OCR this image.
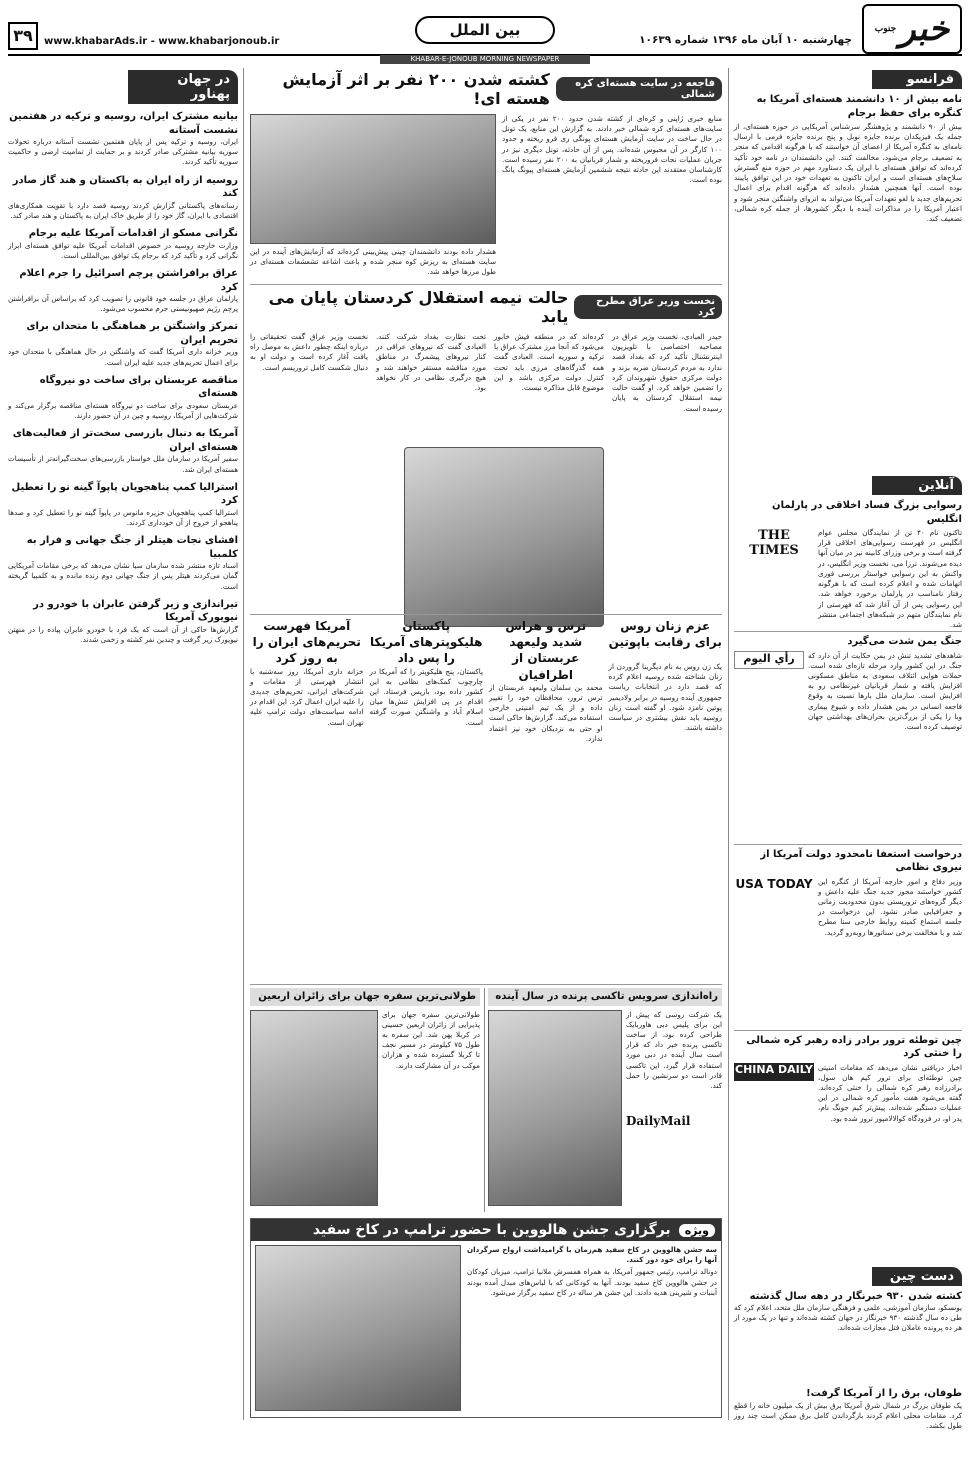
خبر
جنوب
چهارشنبه ۱۰ آبان ماه ۱۳۹۶ شماره ۱۰۶۳۹
بین الملل
www.khabarAds.ir - www.khabarjonoub.ir
۳۹
KHABAR-E-JONOUB MORNING NEWSPAPER
فرانسو
نامه بیش از ۱۰ دانشمند هسته‌ای آمریکا به کنگره برای حفظ برجام
بیش از ۹۰ دانشمند و پژوهشگر سرشناس آمریکایی در حوزه هسته‌ای، از جمله یک فیزیکدان برنده جایزه نوبل و پنج برنده جایزه فرمی با ارسال نامه‌ای به کنگره آمریکا از اعضای آن خواستند که با هرگونه اقدامی که منجر به تضعیف برجام می‌شود، مخالفت کنند. این دانشمندان در نامه خود تأکید کرده‌اند که توافق هسته‌ای با ایران یک دستاورد مهم در حوزه منع گسترش سلاح‌های هسته‌ای است و ایران تاکنون به تعهدات خود در این توافق پایبند بوده است. آنها همچنین هشدار داده‌اند که هرگونه اقدام برای اعمال تحریم‌های جدید یا لغو تعهدات آمریکا می‌تواند به انزوای واشنگتن منجر شود و اعتبار آمریکا را در مذاکرات آینده با دیگر کشورها، از جمله کره شمالی، تضعیف کند.
آنلاین
رسوایی بزرگ فساد اخلاقی در پارلمان انگلیس
تاکنون نام ۴۰ تن از نمایندگان مجلس عوام انگلیس در فهرست رسوایی‌های اخلاقی قرار گرفته است و برخی وزرای کابینه نیز در میان آنها دیده می‌شوند. ترزا می، نخست وزیر انگلیس، در واکنش به این رسوایی خواستار بررسی فوری اتهامات شده و اعلام کرده است که با هرگونه رفتار نامناسب در پارلمان برخورد خواهد شد. این رسوایی پس از آن آغاز شد که فهرستی از نام نمایندگان متهم در شبکه‌های اجتماعی منتشر شد.
THE TIMES
جنگ یمن شدت می‌گیرد
شاهدهای تشدید تنش در یمن حکایت از آن دارد که جنگ در این کشور وارد مرحله تازه‌ای شده است. حملات هوایی ائتلاف سعودی به مناطق مسکونی افزایش یافته و شمار قربانیان غیرنظامی رو به افزایش است. سازمان ملل بارها نسبت به وقوع فاجعه انسانی در یمن هشدار داده و شیوع بیماری وبا را یکی از بزرگ‌ترین بحران‌های بهداشتی جهان توصیف کرده است.
رأي اليوم
درخواست استعفا نامحدود دولت آمریکا از نیروی نظامی
وزیر دفاع و امور خارجه آمریکا از کنگره این کشور خواستند مجوز جدید جنگ علیه داعش و دیگر گروه‌های تروریستی بدون محدودیت زمانی و جغرافیایی صادر نشود. این درخواست در جلسه استماع کمیته روابط خارجی سنا مطرح شد و با مخالفت برخی سناتورها روبه‌رو گردید.
USA TODAY
چین توطئه ترور برادر زاده رهبر کره شمالی را خنثی کرد
اخبار دریافتی نشان می‌دهد که مقامات امنیتی چین توطئه‌ای برای ترور کیم هان سول، برادرزاده رهبر کره شمالی را خنثی کرده‌اند. گفته می‌شود هفت مأمور کره شمالی در این عملیات دستگیر شده‌اند. پیش‌تر کیم جونگ نام، پدر او، در فرودگاه کوالالامپور ترور شده بود.
CHINA DAILY
دست چین
کشته شدن ۹۳۰ خبرنگار در دهه سال گذشته
یونسکو، سازمان آموزشی، علمی و فرهنگی سازمان ملل متحد، اعلام کرد که طی ده سال گذشته ۹۳۰ خبرنگار در جهان کشته شده‌اند و تنها در یک مورد از هر ده پرونده عاملان قتل مجازات شده‌اند.
طوفان، برق را از آمریکا گرفت!
یک طوفان بزرگ در شمال شرق آمریکا برق بیش از یک میلیون خانه را قطع کرد. مقامات محلی اعلام کردند بازگرداندن کامل برق ممکن است چند روز طول بکشد.
در جهان پهناور
بیانیه مشترک ایران، روسیه و ترکیه در هفتمین نشست آستانه
ایران، روسیه و ترکیه پس از پایان هفتمین نشست آستانه درباره تحولات سوریه بیانیه مشترکی صادر کردند و بر حمایت از تمامیت ارضی و حاکمیت سوریه تأکید کردند.
روسیه از راه ایران به پاکستان و هند گاز صادر کند
رسانه‌های پاکستانی گزارش کردند روسیه قصد دارد با تقویت همکاری‌های اقتصادی با ایران، گاز خود را از طریق خاک ایران به پاکستان و هند صادر کند.
نگرانی مسکو از اقدامات آمریکا علیه برجام
وزارت خارجه روسیه در خصوص اقدامات آمریکا علیه توافق هسته‌ای ابراز نگرانی کرد و تأکید کرد که برجام یک توافق بین‌المللی است.
عراق برافراشتن پرچم اسرائیل را جرم اعلام کرد
پارلمان عراق در جلسه خود قانونی را تصویب کرد که براساس آن برافراشتن پرچم رژیم صهیونیستی جرم محسوب می‌شود.
تمرکز واشنگتن بر هماهنگی با متحدان برای تحریم ایران
وزیر خزانه داری آمریکا گفت که واشنگتن در حال هماهنگی با متحدان خود برای اعمال تحریم‌های جدید علیه ایران است.
مناقصه عربستان برای ساخت دو نیروگاه هسته‌ای
عربستان سعودی برای ساخت دو نیروگاه هسته‌ای مناقصه برگزار می‌کند و شرکت‌هایی از آمریکا، روسیه و چین در آن حضور دارند.
آمریکا به دنبال بازرسی سخت‌تر از فعالیت‌های هسته‌ای ایران
سفیر آمریکا در سازمان ملل خواستار بازرسی‌های سخت‌گیرانه‌تر از تأسیسات هسته‌ای ایران شد.
استرالیا کمپ پناهجویان پاپوآ گینه نو را تعطیل کرد
استرالیا کمپ پناهجویان جزیره مانوس در پاپوآ گینه نو را تعطیل کرد و صدها پناهجو از خروج از آن خودداری کردند.
افشای نجات هیتلر از جنگ جهانی و فرار به کلمبیا
اسناد تازه منتشر شده سازمان سیا نشان می‌دهد که برخی مقامات آمریکایی گمان می‌کردند هیتلر پس از جنگ جهانی دوم زنده مانده و به کلمبیا گریخته است.
تیراندازی و زیر گرفتن عابران با خودرو در نیویورک آمریکا
گزارش‌ها حاکی از آن است که یک فرد با خودرو عابران پیاده را در منهتن نیویورک زیر گرفت و چندین نفر کشته و زخمی شدند.
فاجعه در سایت هسته‌ای کره شمالی
کشته شدن ۲۰۰ نفر بر اثر آزمایش هسته ای!
منابع خبری ژاپنی و کره‌ای از کشته شدن حدود ۲۰۰ نفر در یکی از سایت‌های هسته‌ای کره شمالی خبر دادند. به گزارش این منابع، یک تونل در حال ساخت در سایت آزمایش هسته‌ای پونگی ری فرو ریخته و حدود ۱۰۰ کارگر در آن محبوس شده‌اند. پس از آن حادثه، تونل دیگری نیز در جریان عملیات نجات فروریخته و شمار قربانیان به ۲۰۰ نفر رسیده است. کارشناسان معتقدند این حادثه نتیجه ششمین آزمایش هسته‌ای پیونگ یانگ بوده است.
هشدار داده بودند دانشمندان چینی پیش‌بینی کرده‌اند که آزمایش‌های آینده در این سایت هسته‌ای به ریزش کوه منجر شده و باعث اشاعه تشعشعات هسته‌ای در طول مرزها خواهد شد.
نخست وزیر عراق مطرح کرد
حالت نیمه استقلال کردستان پایان می یابد
حیدر العبادی، نخست وزیر عراق در مصاحبه اختصاصی با تلویزیون اینترنشنال تأکید کرد که بغداد قصد ندارد به مردم کردستان ضربه بزند و دولت مرکزی حقوق شهروندان کرد را تضمین خواهد کرد. او گفت حالت نیمه استقلال کردستان به پایان رسیده است.
کرده‌اند که در منطقه فیش خابور می‌شود که آنجا مرز مشترک عراق با ترکیه و سوریه است. العبادی گفت همه گذرگاه‌های مرزی باید تحت کنترل دولت مرکزی باشد و این موضوع قابل مذاکره نیست.
تحت نظارت بغداد شرکت کنند. العبادی گفت که نیروهای عراقی در کنار نیروهای پیشمرگ در مناطق مورد مناقشه مستقر خواهند شد و هیچ درگیری نظامی در کار نخواهد بود.
نخست وزیر عراق گفت تحقیقاتی را درباره اینکه چطور داعش به موصل راه یافت آغاز کرده است و دولت او به دنبال شکست کامل تروریسم است.
عزم زنان روس برای رقابت باپوتین
یک زن روس به نام دیگرینا گروردن از زنان شناخته شده روسیه اعلام کرده که قصد دارد در انتخابات ریاست جمهوری آینده روسیه در برابر ولادیمیر پوتین نامزد شود. او گفته است زنان روسیه باید نقش بیشتری در سیاست داشته باشند.
ترس و هراس شدید ولیعهد عربستان از اطرافیان
محمد بن سلمان ولیعهد عربستان از ترس ترور، محافظان خود را تغییر داده و از یک تیم امنیتی خارجی استفاده می‌کند. گزارش‌ها حاکی است او حتی به نزدیکان خود نیز اعتماد ندارد.
پاکستان هلیکوپترهای آمریکا را پس داد
پاکستان، پنج هلیکوپتر را که آمریکا در چارچوب کمک‌های نظامی به این کشور داده بود، بازپس فرستاد. این اقدام در پی افزایش تنش‌ها میان اسلام آباد و واشنگتن صورت گرفته است.
آمریکا فهرست تحریم‌های ایران را به روز کرد
خزانه داری آمریکا، روز سه‌شنبه با انتشار فهرستی از مقامات و شرکت‌های ایرانی، تحریم‌های جدیدی را علیه ایران اعمال کرد. این اقدام در ادامه سیاست‌های دولت ترامپ علیه تهران است.
راه‌اندازی سرویس تاکسی پرنده در سال آینده
یک شرکت روسی که پیش از این برای پلیس دبی هاوربایک طراحی کرده بود، از ساخت تاکسی پرنده خبر داد که قرار است سال آینده در دبی مورد استفاده قرار گیرد. این تاکسی قادر است دو سرنشین را حمل کند.
DailyMail
طولانی‌ترین سفره جهان برای زائران اربعین
طولانی‌ترین سفره جهان برای پذیرایی از زائران اربعین حسینی در کربلا پهن شد. این سفره به طول ۷۵ کیلومتر در مسیر نجف تا کربلا گسترده شده و هزاران موکب در آن مشارکت دارند.
ویژه
برگزاری جشن هالووین با حضور ترامپ در کاخ سفید
سه جشن هالووین در کاخ سفید هم‌زمان با گرامیداشت ارواح سرگردان آنها را برای خود دور کنند.
دونالد ترامپ، رئیس جمهور آمریکا، به همراه همسرش ملانیا ترامپ، میزبان کودکان در جشن هالووین کاخ سفید بودند. آنها به کودکانی که با لباس‌های مبدل آمده بودند آبنبات و شیرینی هدیه دادند. این جشن هر ساله در کاخ سفید برگزار می‌شود.
